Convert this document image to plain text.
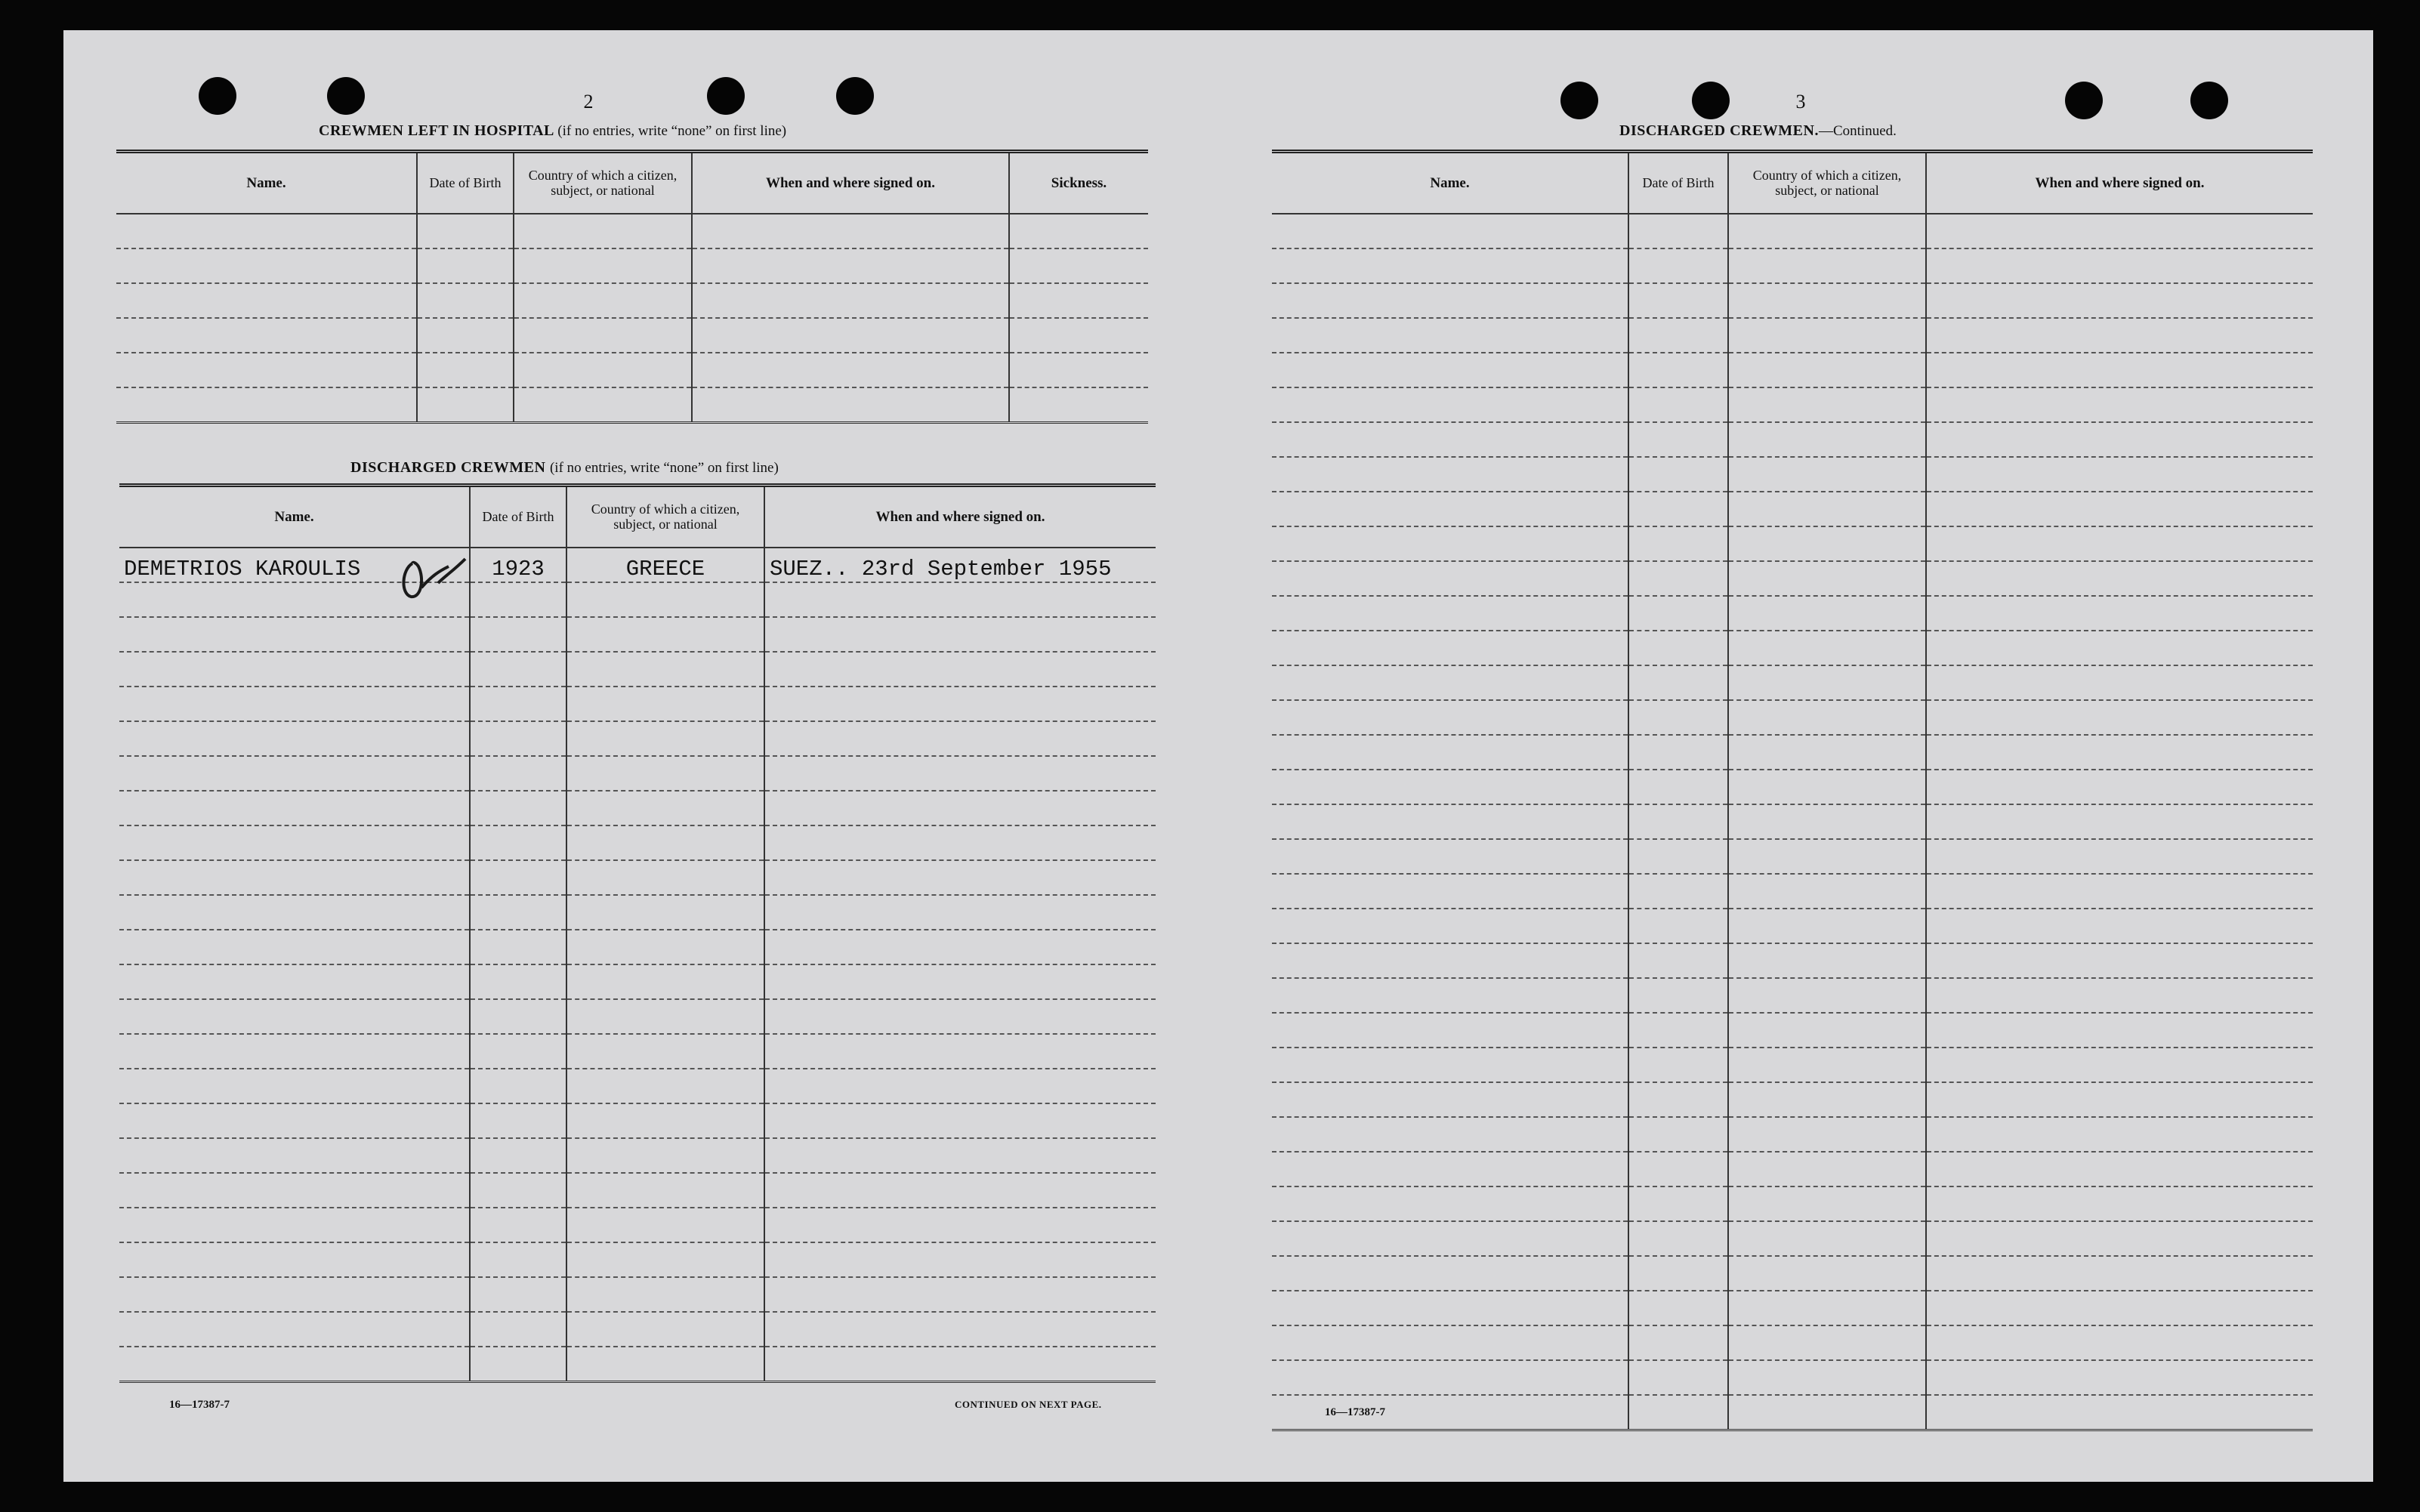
2
CREWMEN LEFT IN HOSPITAL (if no entries, write “none” on first line)
Name.	Date of Birth	Country of which a citizen, subject, or national	When and where signed on.	Sickness.

DISCHARGED CREWMEN (if no entries, write “none” on first line)
Name.	Date of Birth	Country of which a citizen, subject, or national	When and where signed on.
DEMETRIOS KAROULIS	1923	GREECE	SUEZ.. 23rd September 1955

16—17387-7	CONTINUED ON NEXT PAGE.
3
DISCHARGED CREWMEN.—Continued.
Name.	Date of Birth	Country of which a citizen, subject, or national	When and where signed on.

16—17387-7
